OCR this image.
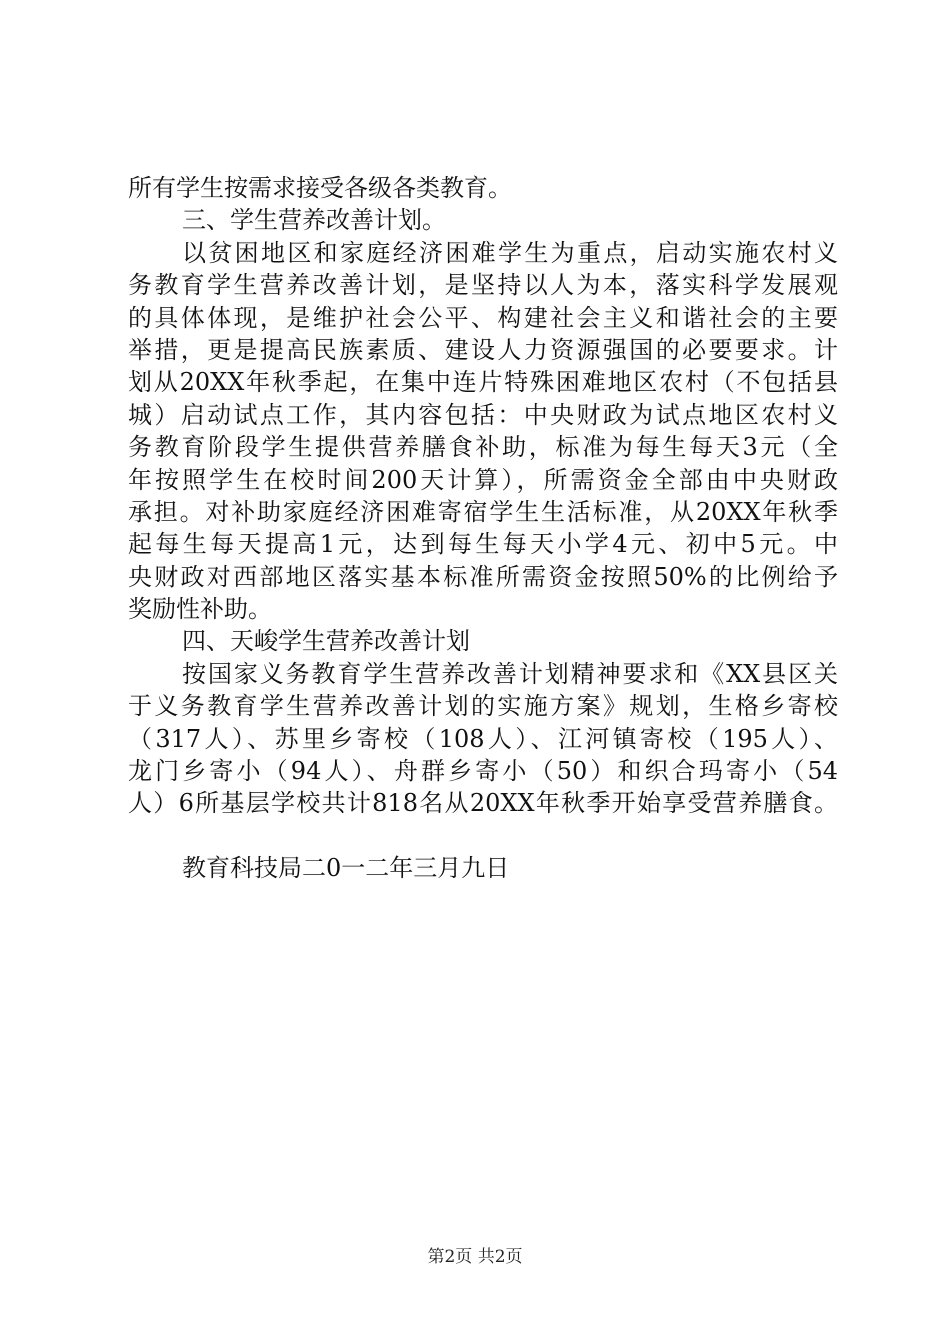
所有学生按需求接受各级各类教育。
三、学生营养改善计划。
以贫困地区和家庭经济困难学生为重点，启动实施农村义
务教育学生营养改善计划，是坚持以人为本，落实科学发展观
的具体体现，是维护社会公平、构建社会主义和谐社会的主要
举措，更是提高民族素质、建设人力资源强国的必要要求。计
划从20XX年秋季起，在集中连片特殊困难地区农村（不包括县
城）启动试点工作，其内容包括：中央财政为试点地区农村义
务教育阶段学生提供营养膳食补助，标准为每生每天3元（全
年按照学生在校时间200天计算），所需资金全部由中央财政
承担。对补助家庭经济困难寄宿学生生活标准，从20XX年秋季
起每生每天提高1元，达到每生每天小学4元、初中5元。中
央财政对西部地区落实基本标准所需资金按照50%的比例给予
奖励性补助。
四、天峻学生营养改善计划
按国家义务教育学生营养改善计划精神要求和《XX县区关
于义务教育学生营养改善计划的实施方案》规划，生格乡寄校
（317人）、苏里乡寄校（108人）、江河镇寄校（195人）、
龙门乡寄小（94人）、舟群乡寄小（50）和织合玛寄小（54
人）6所基层学校共计818名从20XX年秋季开始享受营养膳食。
教育科技局二0一二年三月九日
第2页 共2页
